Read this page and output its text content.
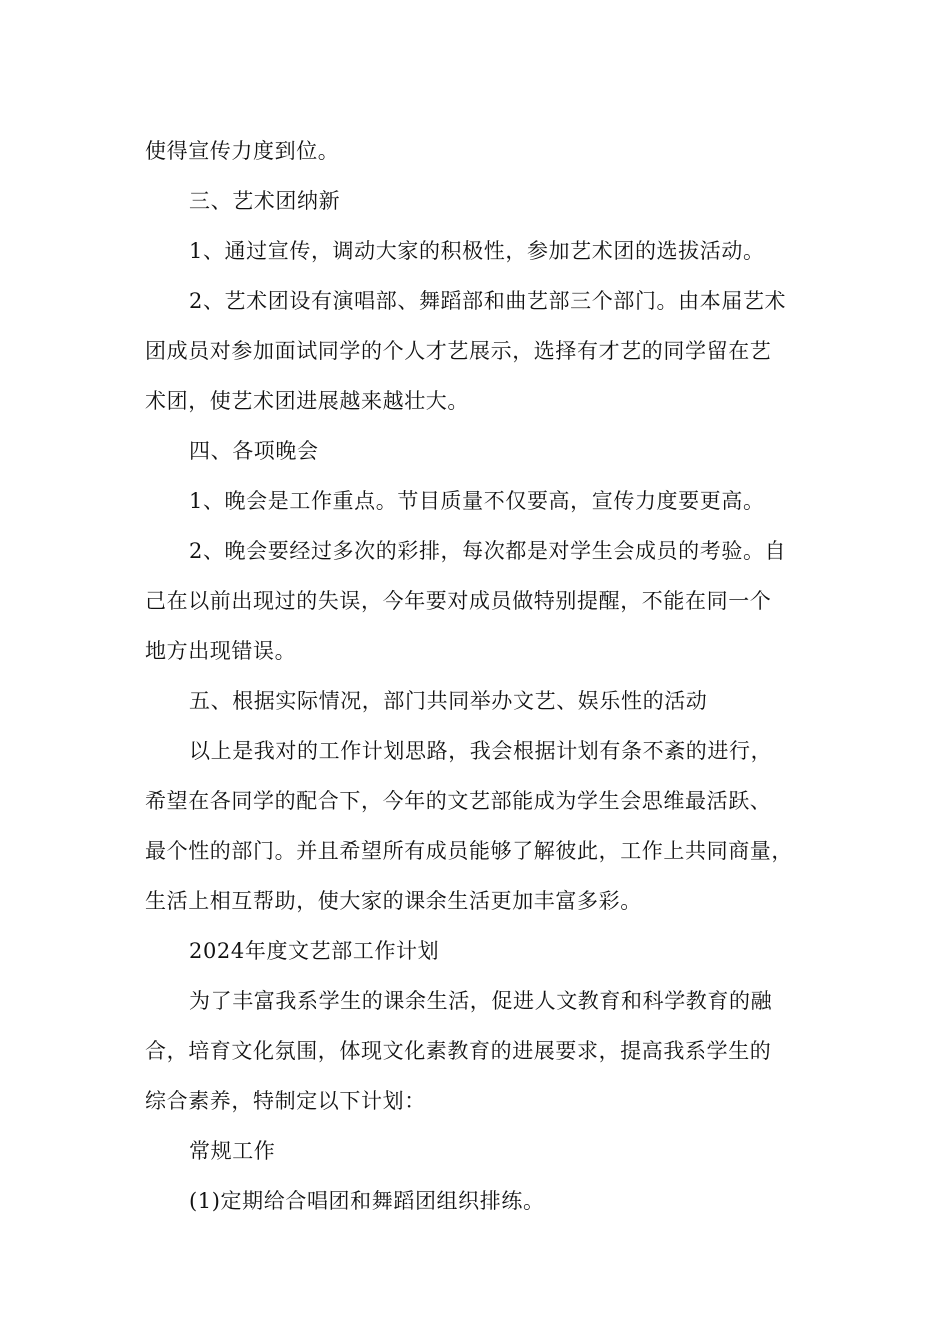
使得宣传力度到位。
三、艺术团纳新
1、通过宣传，调动大家的积极性，参加艺术团的选拔活动。
2、艺术团设有演唱部、舞蹈部和曲艺部三个部门。由本届艺术
团成员对参加面试同学的个人才艺展示，选择有才艺的同学留在艺
术团，使艺术团进展越来越壮大。
四、各项晚会
1、晚会是工作重点。节目质量不仅要高，宣传力度要更高。
2、晚会要经过多次的彩排，每次都是对学生会成员的考验。自
己在以前出现过的失误，今年要对成员做特别提醒，不能在同一个
地方出现错误。
五、根据实际情况，部门共同举办文艺、娱乐性的活动
以上是我对的工作计划思路，我会根据计划有条不紊的进行，
希望在各同学的配合下，今年的文艺部能成为学生会思维最活跃、
最个性的部门。并且希望所有成员能够了解彼此，工作上共同商量，
生活上相互帮助，使大家的课余生活更加丰富多彩。
2024年度文艺部工作计划
为了丰富我系学生的课余生活，促进人文教育和科学教育的融
合，培育文化氛围，体现文化素教育的进展要求，提高我系学生的
综合素养，特制定以下计划：
常规工作
(1)定期给合唱团和舞蹈团组织排练。
